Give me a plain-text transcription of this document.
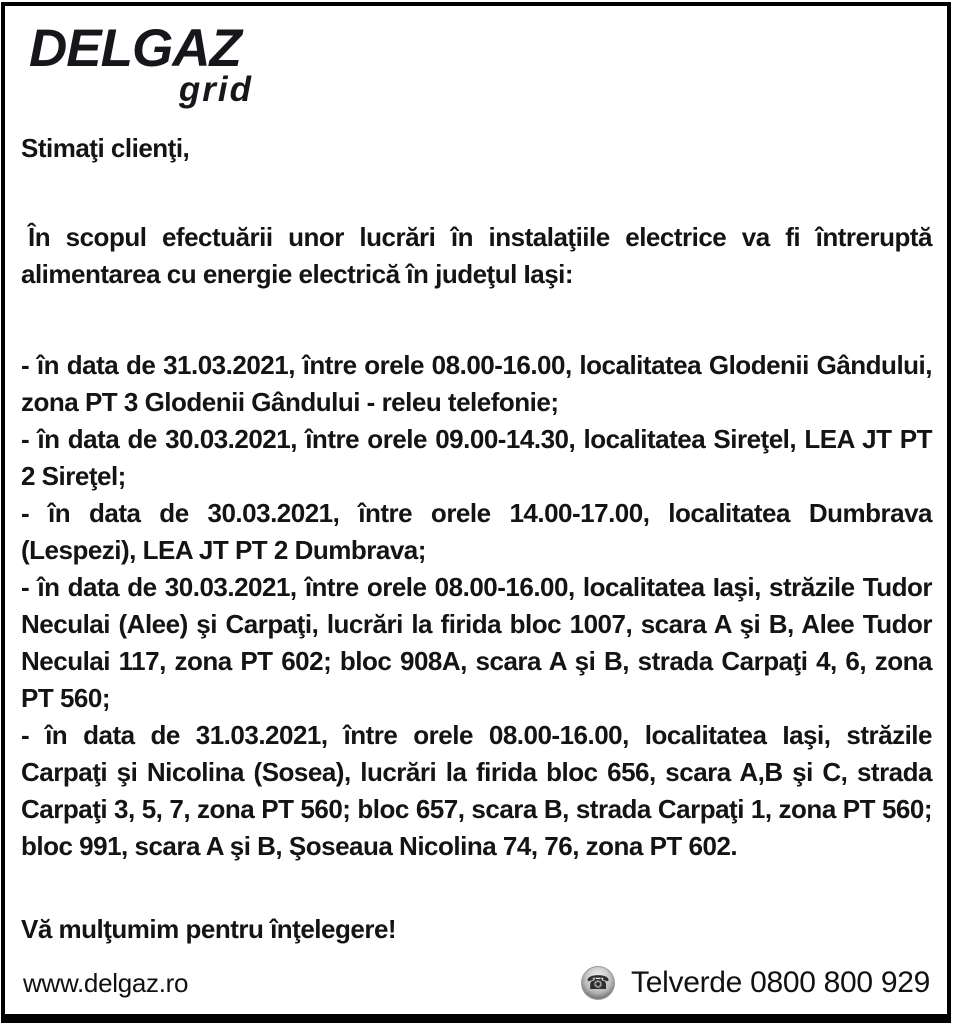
DELGAZ
grid

Stimaţi clienţi,

În scopul efectuării unor lucrări în instalaţiile electrice va fi întreruptă alimentarea cu energie electrică în judeţul Iaşi:

- în data de 31.03.2021, între orele 08.00-16.00, localitatea Glodenii Gândului, zona PT 3 Glodenii Gândului - releu telefonie;

- în data de 30.03.2021, între orele 09.00-14.30, localitatea Sireţel, LEA JT PT 2 Sireţel;

- în data de 30.03.2021, între orele 14.00-17.00, localitatea Dumbrava (Lespezi), LEA JT PT 2 Dumbrava;

- în data de 30.03.2021, între orele 08.00-16.00, localitatea Iaşi, străzile Tudor Neculai (Alee) şi Carpaţi, lucrări la firida bloc 1007, scara A şi B, Alee Tudor Neculai 117, zona PT 602; bloc 908A, scara A şi B, strada Carpaţi 4, 6, zona PT 560;

- în data de 31.03.2021, între orele 08.00-16.00, localitatea Iaşi, străzile Carpaţi şi Nicolina (Sosea), lucrări la firida bloc 656, scara A,B şi C, strada Carpaţi 3, 5, 7, zona PT 560; bloc 657, scara B, strada Carpaţi 1, zona PT 560; bloc 991, scara A şi B, Şoseaua Nicolina 74, 76, zona PT 602.

Vă mulţumim pentru înţelegere!

www.delgaz.ro	☎ Telverde 0800 800 929
